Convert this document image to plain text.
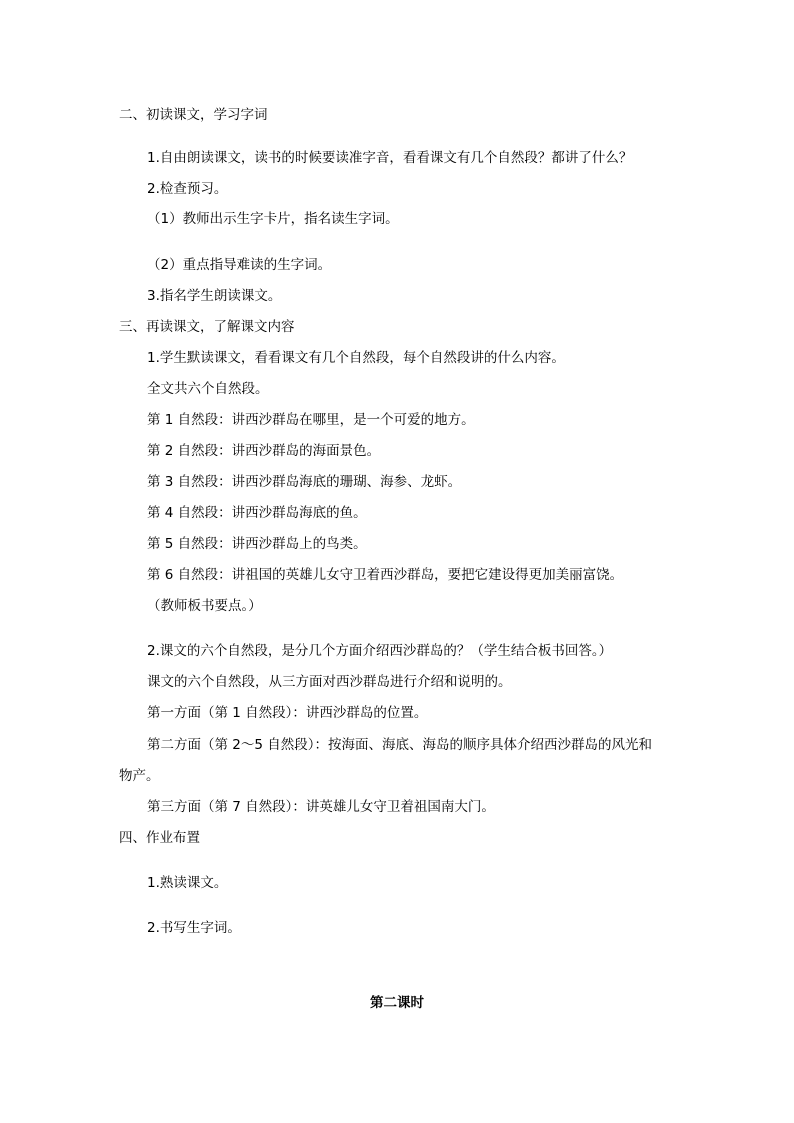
二、初读课文，学习字词
1.自由朗读课文，读书的时候要读准字音，看看课文有几个自然段？都讲了什么？
2.检查预习。
（1）教师出示生字卡片，指名读生字词。
（2）重点指导难读的生字词。
3.指名学生朗读课文。
三、再读课文，了解课文内容
1.学生默读课文，看看课文有几个自然段，每个自然段讲的什么内容。
全文共六个自然段。
第 1 自然段：讲西沙群岛在哪里，是一个可爱的地方。
第 2 自然段：讲西沙群岛的海面景色。
第 3 自然段：讲西沙群岛海底的珊瑚、海参、龙虾。
第 4 自然段：讲西沙群岛海底的鱼。
第 5 自然段：讲西沙群岛上的鸟类。
第 6 自然段：讲祖国的英雄儿女守卫着西沙群岛，要把它建设得更加美丽富饶。
（教师板书要点。）
2.课文的六个自然段，是分几个方面介绍西沙群岛的？（学生结合板书回答。）
课文的六个自然段，从三方面对西沙群岛进行介绍和说明的。
第一方面（第 1 自然段）：讲西沙群岛的位置。
第二方面（第 2～5 自然段）：按海面、海底、海岛的顺序具体介绍西沙群岛的风光和
物产。
第三方面（第 7 自然段）：讲英雄儿女守卫着祖国南大门。
四、作业布置
1.熟读课文。
2.书写生字词。
第二课时
